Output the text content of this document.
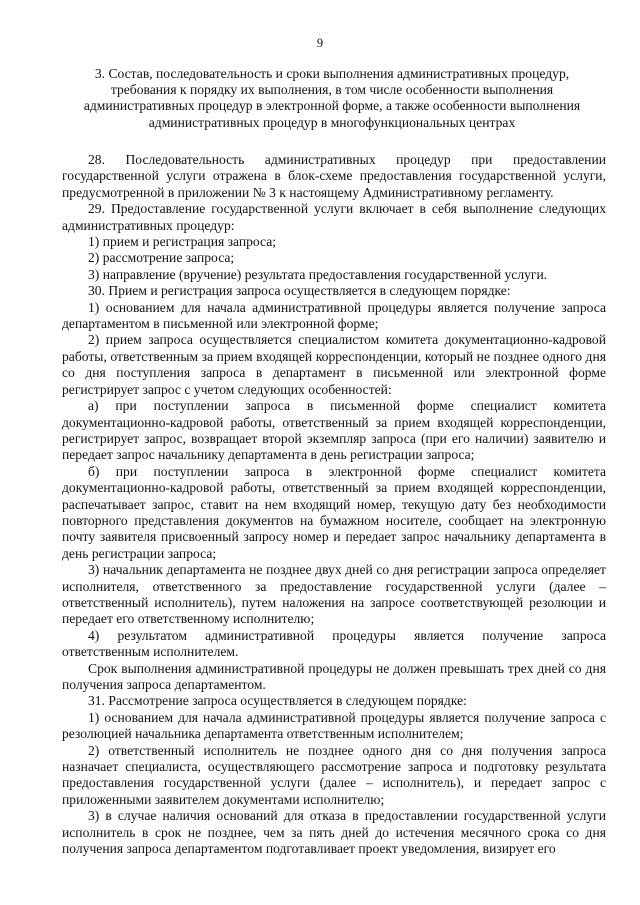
9
3. Состав, последовательность и сроки выполнения административных процедур, требования к порядку их выполнения, в том числе особенности выполнения административных процедур в электронной форме, а также особенности выполнения административных процедур в многофункциональных центрах

28. Последовательность административных процедур при предоставлении государственной услуги отражена в блок-схеме предоставления государственной услуги, предусмотренной в приложении № 3 к настоящему Административному регламенту.

29. Предоставление государственной услуги включает в себя выполнение следующих административных процедур:

1) прием и регистрация запроса;

2) рассмотрение запроса;

3) направление (вручение) результата предоставления государственной услуги.

30. Прием и регистрация запроса осуществляется в следующем порядке:

1) основанием для начала административной процедуры является получение запроса департаментом в письменной или электронной форме;

2) прием запроса осуществляется специалистом комитета документационно-кадровой работы, ответственным за прием входящей корреспонденции, который не позднее одного дня со дня поступления запроса в департамент в письменной или электронной форме регистрирует запрос с учетом следующих особенностей:

а) при поступлении запроса в письменной форме специалист комитета документационно-кадровой работы, ответственный за прием входящей корреспонденции, регистрирует запрос, возвращает второй экземпляр запроса (при его наличии) заявителю и передает запрос начальнику департамента в день регистрации запроса;

б) при поступлении запроса в электронной форме специалист комитета документационно-кадровой работы, ответственный за прием входящей корреспонденции, распечатывает запрос, ставит на нем входящий номер, текущую дату без необходимости повторного представления документов на бумажном носителе, сообщает на электронную почту заявителя присвоенный запросу номер и передает запрос начальнику департамента в день регистрации запроса;

3) начальник департамента не позднее двух дней со дня регистрации запроса определяет исполнителя, ответственного за предоставление государственной услуги (далее – ответственный исполнитель), путем наложения на запросе соответствующей резолюции и передает его ответственному исполнителю;

4) результатом административной процедуры является получение запроса ответственным исполнителем.

Срок выполнения административной процедуры не должен превышать трех дней со дня получения запроса департаментом.

31. Рассмотрение запроса осуществляется в следующем порядке:

1) основанием для начала административной процедуры является получение запроса с резолюцией начальника департамента ответственным исполнителем;

2) ответственный исполнитель не позднее одного дня со дня получения запроса назначает специалиста, осуществляющего рассмотрение запроса и подготовку результата предоставления государственной услуги (далее – исполнитель), и передает запрос с приложенными заявителем документами исполнителю;

3) в случае наличия оснований для отказа в предоставлении государственной услуги исполнитель в срок не позднее, чем за пять дней до истечения месячного срока со дня получения запроса департаментом подготавливает проект уведомления, визирует его
